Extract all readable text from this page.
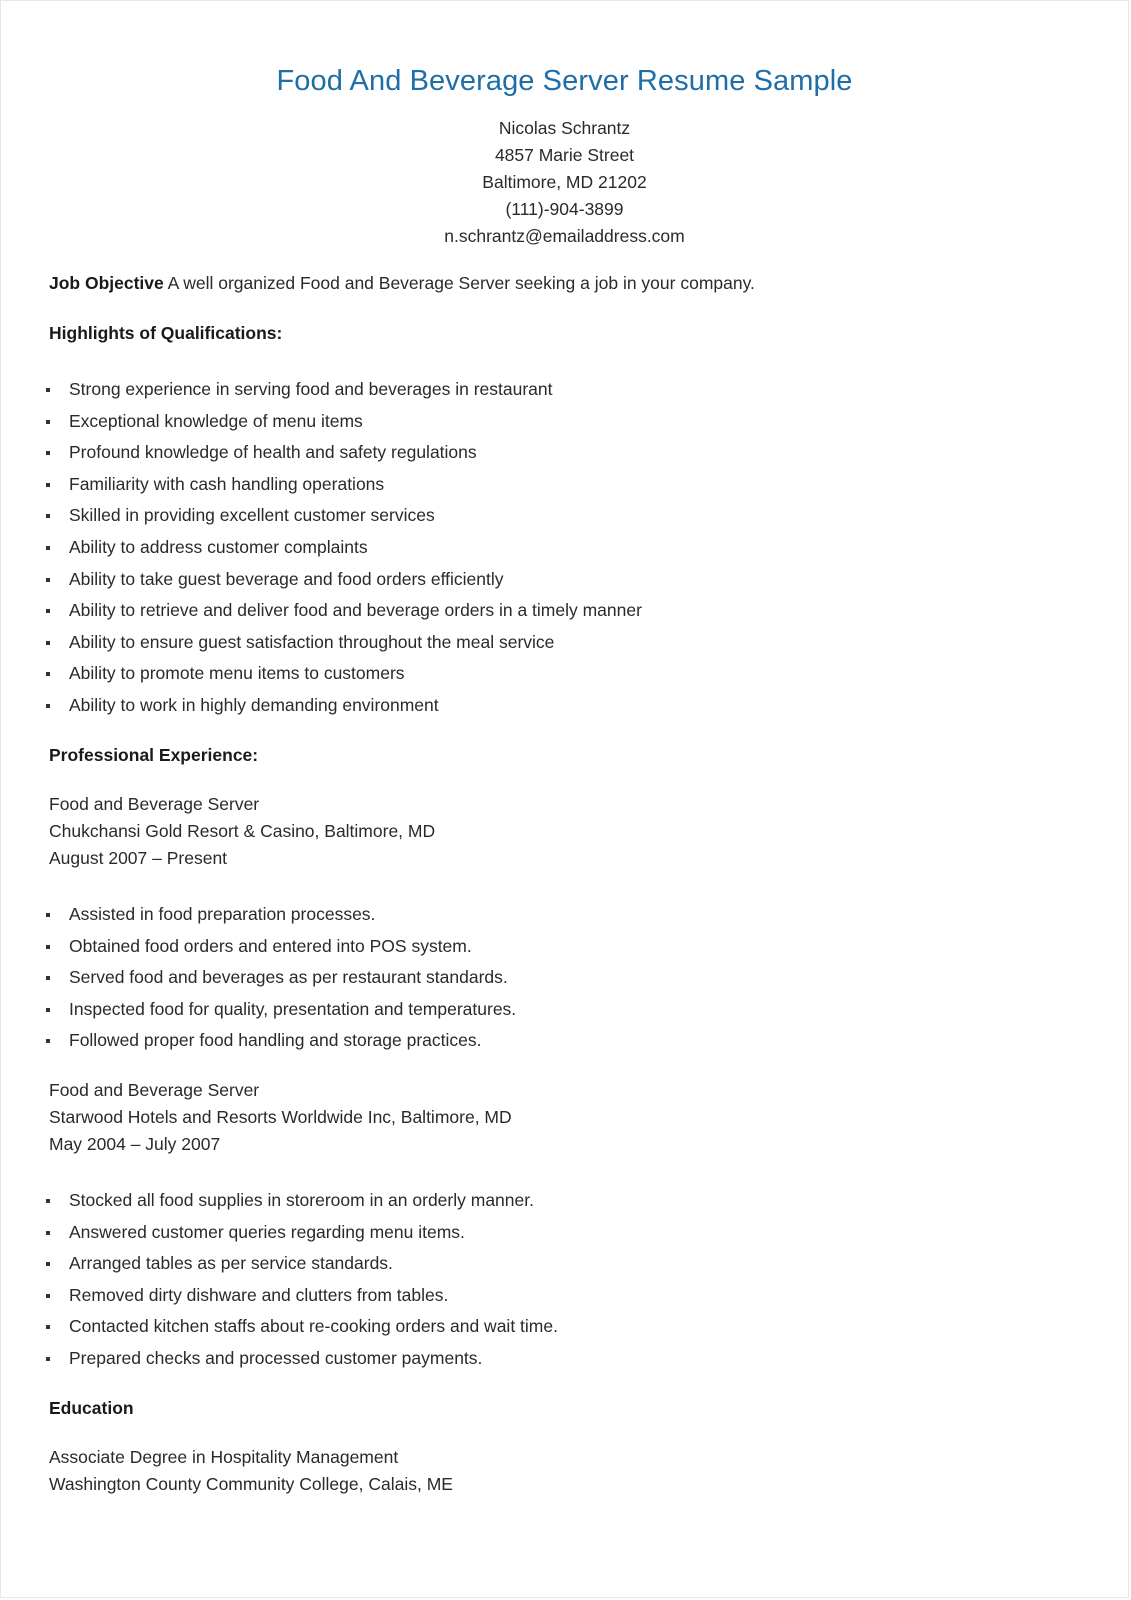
Food And Beverage Server Resume Sample
Nicolas Schrantz
4857 Marie Street
Baltimore, MD 21202
(111)-904-3899
n.schrantz@emailaddress.com
Job Objective A well organized Food and Beverage Server seeking a job in your company.
Highlights of Qualifications:
Strong experience in serving food and beverages in restaurant
Exceptional knowledge of menu items
Profound knowledge of health and safety regulations
Familiarity with cash handling operations
Skilled in providing excellent customer services
Ability to address customer complaints
Ability to take guest beverage and food orders efficiently
Ability to retrieve and deliver food and beverage orders in a timely manner
Ability to ensure guest satisfaction throughout the meal service
Ability to promote menu items to customers
Ability to work in highly demanding environment
Professional Experience:
Food and Beverage Server
Chukchansi Gold Resort & Casino, Baltimore, MD
August 2007 – Present
Assisted in food preparation processes.
Obtained food orders and entered into POS system.
Served food and beverages as per restaurant standards.
Inspected food for quality, presentation and temperatures.
Followed proper food handling and storage practices.
Food and Beverage Server
Starwood Hotels and Resorts Worldwide Inc, Baltimore, MD
May 2004 – July 2007
Stocked all food supplies in storeroom in an orderly manner.
Answered customer queries regarding menu items.
Arranged tables as per service standards.
Removed dirty dishware and clutters from tables.
Contacted kitchen staffs about re-cooking orders and wait time.
Prepared checks and processed customer payments.
Education
Associate Degree in Hospitality Management
Washington County Community College, Calais, ME
